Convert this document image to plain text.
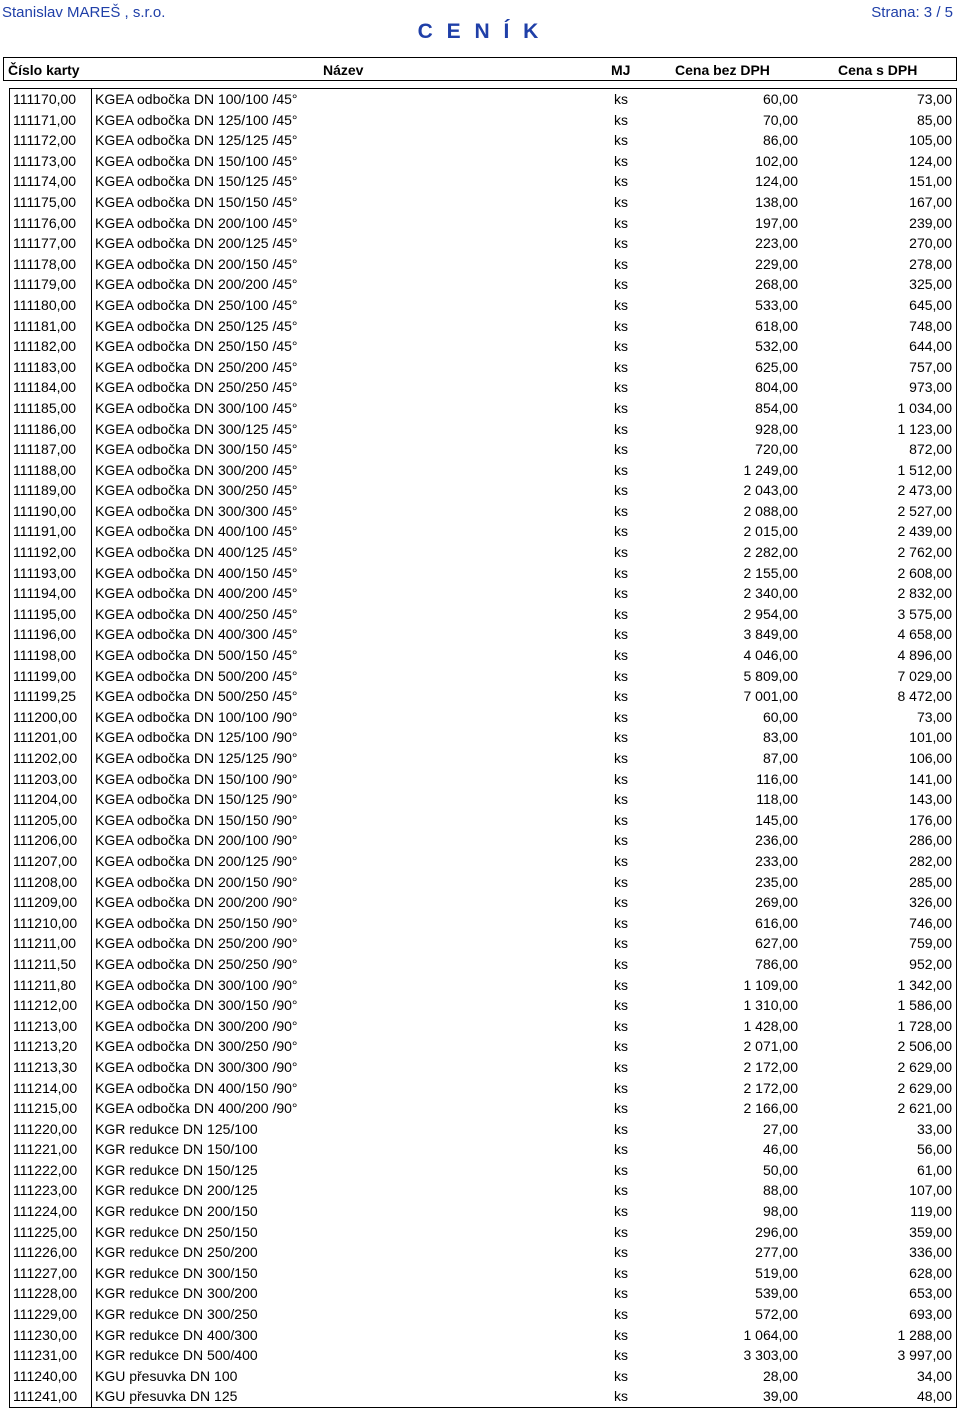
Stanislav MAREŠ , s.r.o.
C E N Í K
Strana: 3 / 5
Číslo karty	Název	MJ	Cena bez DPH	Cena s DPH
111170,00 KGEA odbočka DN 100/100 /45°	ks	60,00	73,00
111171,00 KGEA odbočka DN 125/100 /45°	ks	70,00	85,00
111172,00 KGEA odbočka DN 125/125 /45°	ks	86,00	105,00
111173,00 KGEA odbočka DN 150/100 /45°	ks	102,00	124,00
111174,00 KGEA odbočka DN 150/125 /45°	ks	124,00	151,00
111175,00 KGEA odbočka DN 150/150 /45°	ks	138,00	167,00
111176,00 KGEA odbočka DN 200/100 /45°	ks	197,00	239,00
111177,00 KGEA odbočka DN 200/125 /45°	ks	223,00	270,00
111178,00 KGEA odbočka DN 200/150 /45°	ks	229,00	278,00
111179,00 KGEA odbočka DN 200/200 /45°	ks	268,00	325,00
111180,00 KGEA odbočka DN 250/100 /45°	ks	533,00	645,00
111181,00 KGEA odbočka DN 250/125 /45°	ks	618,00	748,00
111182,00 KGEA odbočka DN 250/150 /45°	ks	532,00	644,00
111183,00 KGEA odbočka DN 250/200 /45°	ks	625,00	757,00
111184,00 KGEA odbočka DN 250/250 /45°	ks	804,00	973,00
111185,00 KGEA odbočka DN 300/100 /45°	ks	854,00	1 034,00
111186,00 KGEA odbočka DN 300/125 /45°	ks	928,00	1 123,00
111187,00 KGEA odbočka DN 300/150 /45°	ks	720,00	872,00
111188,00 KGEA odbočka DN 300/200 /45°	ks	1 249,00	1 512,00
111189,00 KGEA odbočka DN 300/250 /45°	ks	2 043,00	2 473,00
111190,00 KGEA odbočka DN 300/300 /45°	ks	2 088,00	2 527,00
111191,00 KGEA odbočka DN 400/100 /45°	ks	2 015,00	2 439,00
111192,00 KGEA odbočka DN 400/125 /45°	ks	2 282,00	2 762,00
111193,00 KGEA odbočka DN 400/150 /45°	ks	2 155,00	2 608,00
111194,00 KGEA odbočka DN 400/200 /45°	ks	2 340,00	2 832,00
111195,00 KGEA odbočka DN 400/250 /45°	ks	2 954,00	3 575,00
111196,00 KGEA odbočka DN 400/300 /45°	ks	3 849,00	4 658,00
111198,00 KGEA odbočka DN 500/150 /45°	ks	4 046,00	4 896,00
111199,00 KGEA odbočka DN 500/200 /45°	ks	5 809,00	7 029,00
111199,25 KGEA odbočka DN 500/250 /45°	ks	7 001,00	8 472,00
111200,00 KGEA odbočka DN 100/100 /90°	ks	60,00	73,00
111201,00 KGEA odbočka DN 125/100 /90°	ks	83,00	101,00
111202,00 KGEA odbočka DN 125/125 /90°	ks	87,00	106,00
111203,00 KGEA odbočka DN 150/100 /90°	ks	116,00	141,00
111204,00 KGEA odbočka DN 150/125 /90°	ks	118,00	143,00
111205,00 KGEA odbočka DN 150/150 /90°	ks	145,00	176,00
111206,00 KGEA odbočka DN 200/100 /90°	ks	236,00	286,00
111207,00 KGEA odbočka DN 200/125 /90°	ks	233,00	282,00
111208,00 KGEA odbočka DN 200/150 /90°	ks	235,00	285,00
111209,00 KGEA odbočka DN 200/200 /90°	ks	269,00	326,00
111210,00 KGEA odbočka DN 250/150 /90°	ks	616,00	746,00
111211,00 KGEA odbočka DN 250/200 /90°	ks	627,00	759,00
111211,50 KGEA odbočka DN 250/250 /90°	ks	786,00	952,00
111211,80 KGEA odbočka DN 300/100 /90°	ks	1 109,00	1 342,00
111212,00 KGEA odbočka DN 300/150 /90°	ks	1 310,00	1 586,00
111213,00 KGEA odbočka DN 300/200 /90°	ks	1 428,00	1 728,00
111213,20 KGEA odbočka DN 300/250 /90°	ks	2 071,00	2 506,00
111213,30 KGEA odbočka DN 300/300 /90°	ks	2 172,00	2 629,00
111214,00 KGEA odbočka DN 400/150 /90°	ks	2 172,00	2 629,00
111215,00 KGEA odbočka DN 400/200 /90°	ks	2 166,00	2 621,00
111220,00 KGR redukce DN 125/100	ks	27,00	33,00
111221,00 KGR redukce DN 150/100	ks	46,00	56,00
111222,00 KGR redukce DN 150/125	ks	50,00	61,00
111223,00 KGR redukce DN 200/125	ks	88,00	107,00
111224,00 KGR redukce DN 200/150	ks	98,00	119,00
111225,00 KGR redukce DN 250/150	ks	296,00	359,00
111226,00 KGR redukce DN 250/200	ks	277,00	336,00
111227,00 KGR redukce DN 300/150	ks	519,00	628,00
111228,00 KGR redukce DN 300/200	ks	539,00	653,00
111229,00 KGR redukce DN 300/250	ks	572,00	693,00
111230,00 KGR redukce DN 400/300	ks	1 064,00	1 288,00
111231,00 KGR redukce DN 500/400	ks	3 303,00	3 997,00
111240,00 KGU přesuvka DN 100	ks	28,00	34,00
111241,00 KGU přesuvka DN 125	ks	39,00	48,00
